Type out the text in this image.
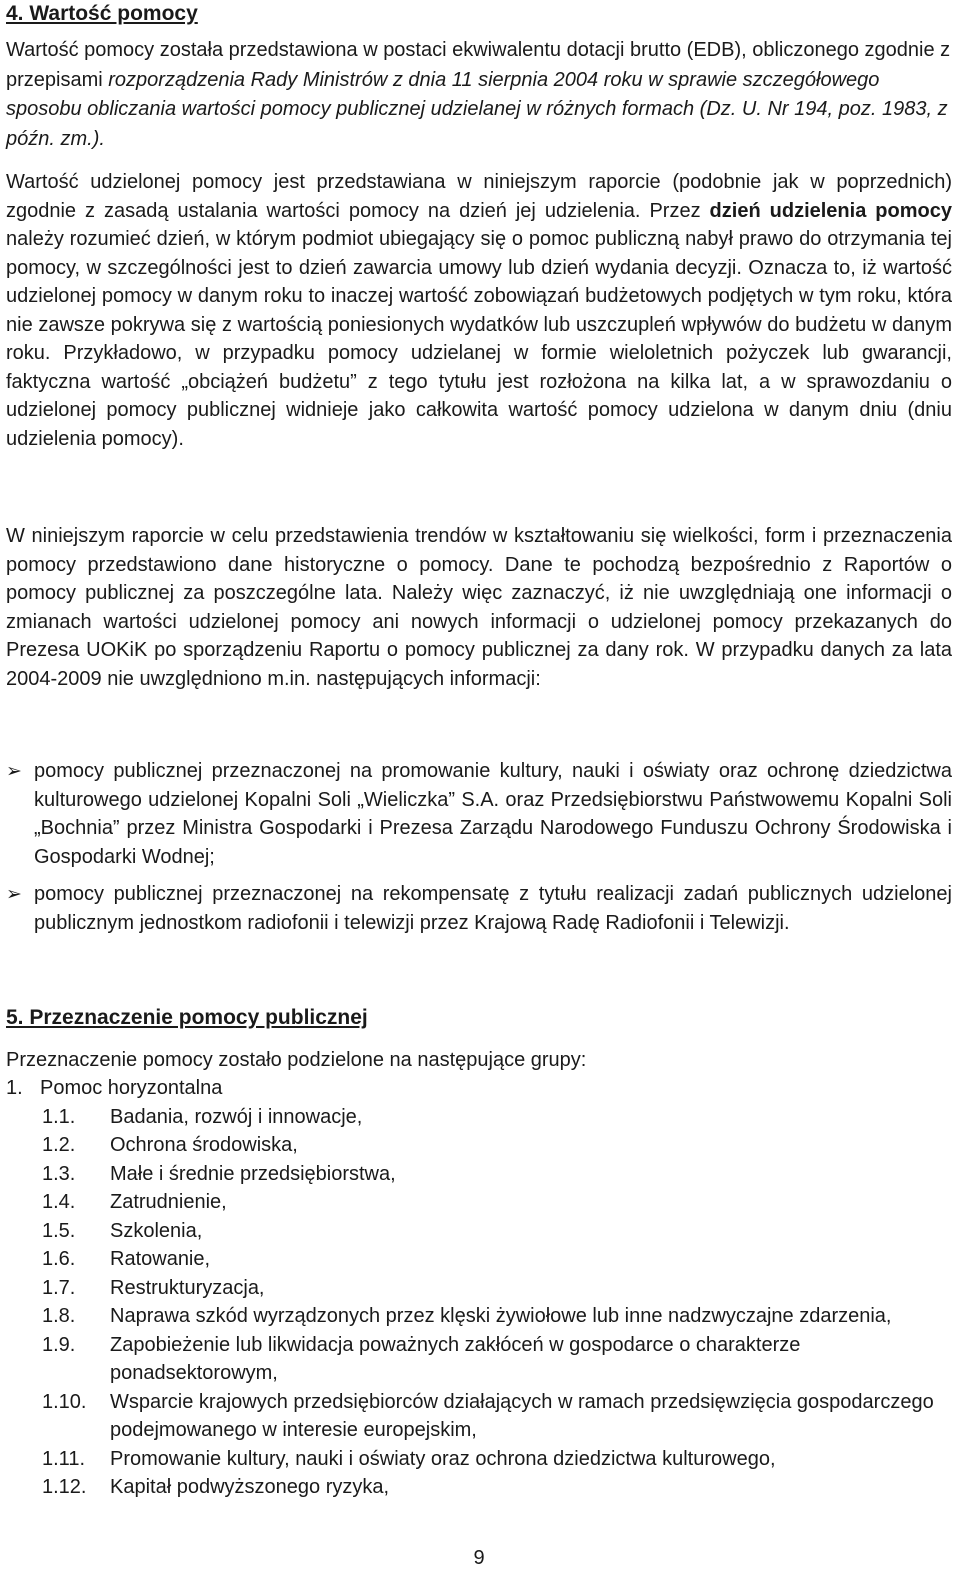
4. Wartość pomocy

Wartość pomocy została przedstawiona w postaci ekwiwalentu dotacji brutto (EDB), obliczonego zgodnie z przepisami rozporządzenia Rady Ministrów z dnia 11 sierpnia 2004 roku w sprawie szczegółowego sposobu obliczania wartości pomocy publicznej udzielanej w różnych formach (Dz. U. Nr 194, poz. 1983, z późn. zm.).

Wartość udzielonej pomocy jest przedstawiana w niniejszym raporcie (podobnie jak w poprzednich) zgodnie z zasadą ustalania wartości pomocy na dzień jej udzielenia. Przez dzień udzielenia pomocy należy rozumieć dzień, w którym podmiot ubiegający się o pomoc publiczną nabył prawo do otrzymania tej pomocy, w szczególności jest to dzień zawarcia umowy lub dzień wydania decyzji. Oznacza to, iż wartość udzielonej pomocy w danym roku to inaczej wartość zobowiązań budżetowych podjętych w tym roku, która nie zawsze pokrywa się z wartością poniesionych wydatków lub uszczupleń wpływów do budżetu w danym roku. Przykładowo, w przypadku pomocy udzielanej w formie wieloletnich pożyczek lub gwarancji, faktyczna wartość „obciążeń budżetu” z tego tytułu jest rozłożona na kilka lat, a w sprawozdaniu o udzielonej pomocy publicznej widnieje jako całkowita wartość pomocy udzielona w danym dniu (dniu udzielenia pomocy).

W niniejszym raporcie w celu przedstawienia trendów w kształtowaniu się wielkości, form i przeznaczenia pomocy przedstawiono dane historyczne o pomocy. Dane te pochodzą bezpośrednio z Raportów o pomocy publicznej za poszczególne lata. Należy więc zaznaczyć, iż nie uwzględniają one informacji o zmianach wartości udzielonej pomocy ani nowych informacji o udzielonej pomocy przekazanych do Prezesa UOKiK po sporządzeniu Raportu o pomocy publicznej za dany rok. W przypadku danych za lata 2004-2009 nie uwzględniono m.in. następujących informacji:

➢ pomocy publicznej przeznaczonej na promowanie kultury, nauki i oświaty oraz ochronę dziedzictwa kulturowego udzielonej Kopalni Soli „Wieliczka” S.A. oraz Przedsiębiorstwu Państwowemu Kopalni Soli „Bochnia” przez Ministra Gospodarki i Prezesa Zarządu Narodowego Funduszu Ochrony Środowiska i Gospodarki Wodnej;
➢ pomocy publicznej przeznaczonej na rekompensatę z tytułu realizacji zadań publicznych udzielonej publicznym jednostkom radiofonii i telewizji przez Krajową Radę Radiofonii i Telewizji.
5. Przeznaczenie pomocy publicznej
Przeznaczenie pomocy zostało podzielone na następujące grupy:
1. Pomoc horyzontalna
1.1. Badania, rozwój i innowacje,
1.2. Ochrona środowiska,
1.3. Małe i średnie przedsiębiorstwa,
1.4. Zatrudnienie,
1.5. Szkolenia,
1.6. Ratowanie,
1.7. Restrukturyzacja,
1.8. Naprawa szkód wyrządzonych przez klęski żywiołowe lub inne nadzwyczajne zdarzenia,
1.9. Zapobieżenie lub likwidacja poważnych zakłóceń w gospodarce o charakterze ponadsektorowym,
1.10. Wsparcie krajowych przedsiębiorców działających w ramach przedsięwzięcia gospodarczego podejmowanego w interesie europejskim,
1.11. Promowanie kultury, nauki i oświaty oraz ochrona dziedzictwa kulturowego,
1.12. Kapitał podwyższonego ryzyka,
9
